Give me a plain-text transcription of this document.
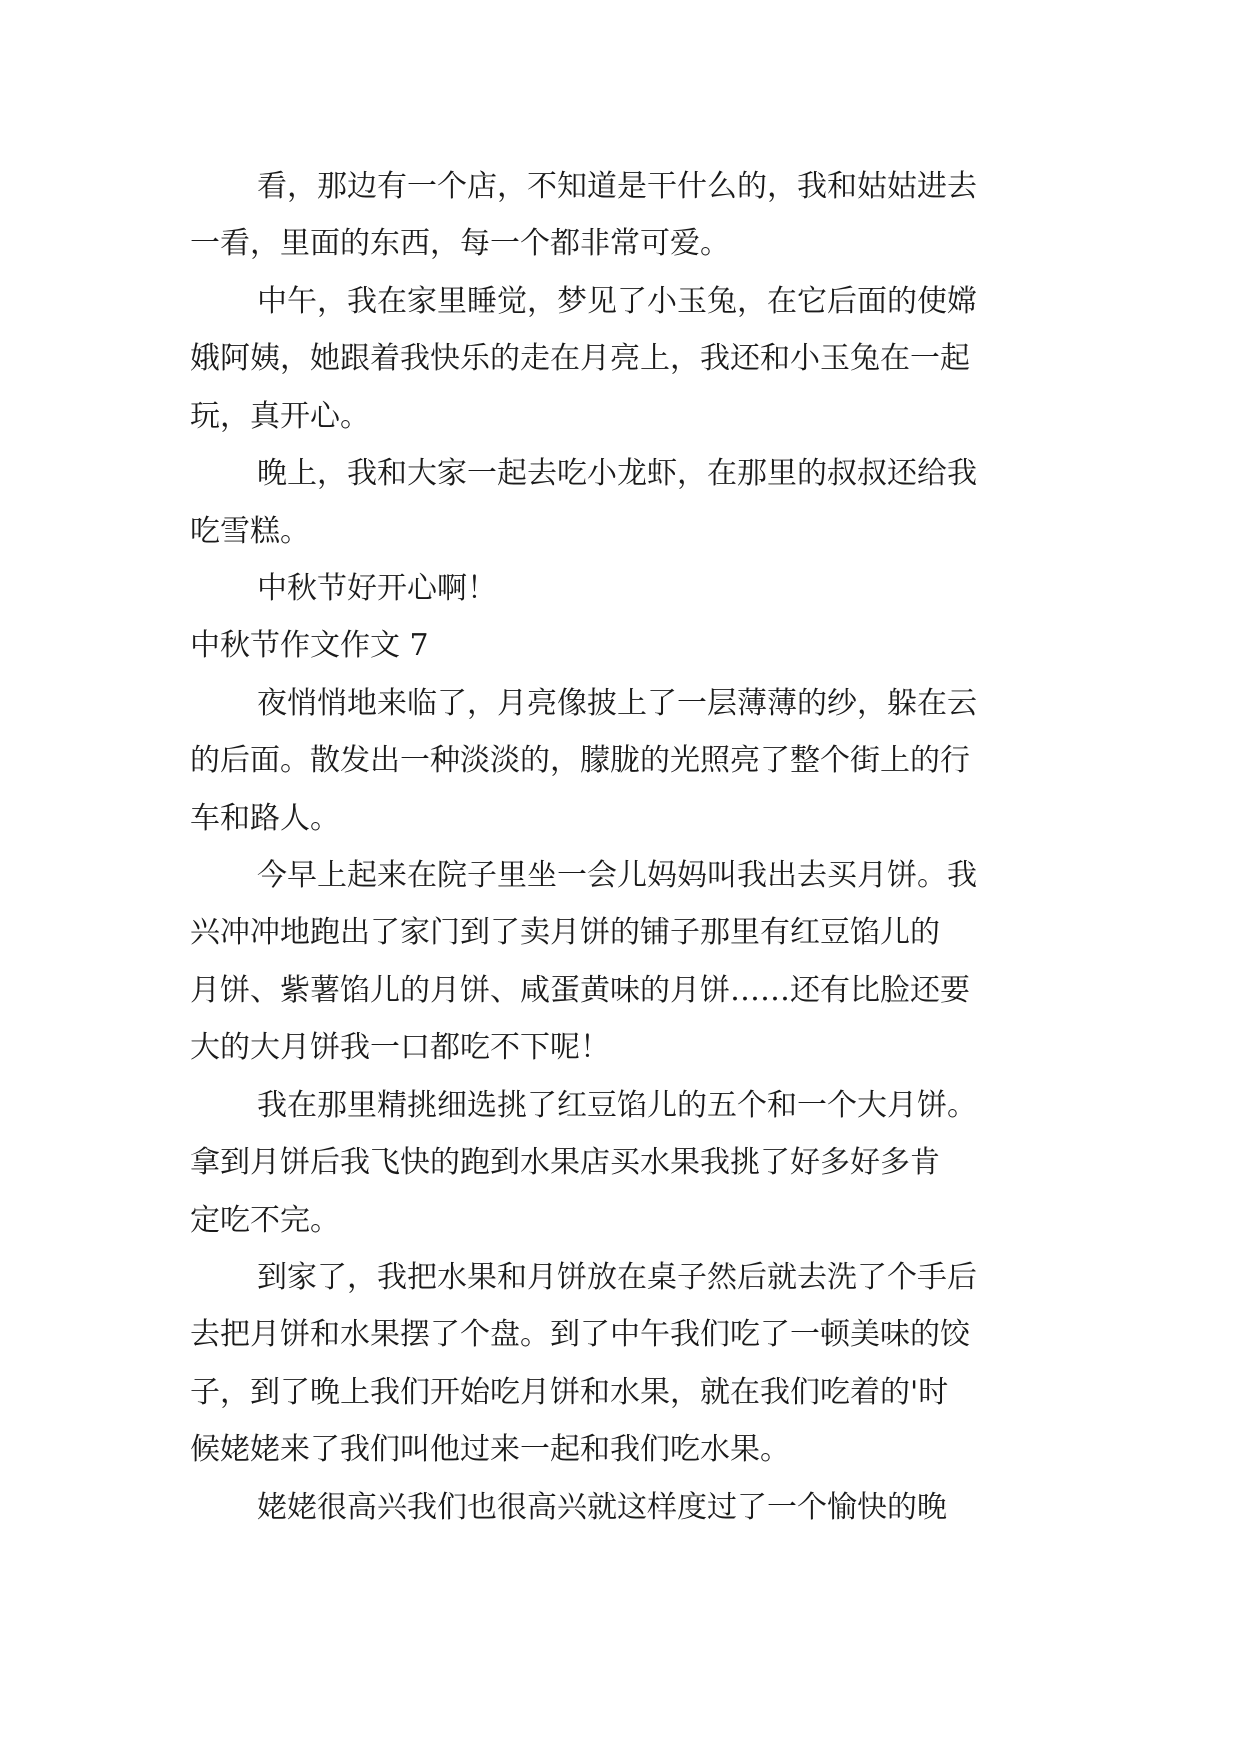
看，那边有一个店，不知道是干什么的，我和姑姑进去
一看，里面的东西，每一个都非常可爱。
中午，我在家里睡觉，梦见了小玉兔，在它后面的使嫦
娥阿姨，她跟着我快乐的走在月亮上，我还和小玉兔在一起
玩，真开心。
晚上，我和大家一起去吃小龙虾，在那里的叔叔还给我
吃雪糕。
中秋节好开心啊！
中秋节作文作文 7
夜悄悄地来临了，月亮像披上了一层薄薄的纱，躲在云
的后面。散发出一种淡淡的，朦胧的光照亮了整个街上的行
车和路人。
今早上起来在院子里坐一会儿妈妈叫我出去买月饼。我
兴冲冲地跑出了家门到了卖月饼的铺子那里有红豆馅儿的
月饼、紫薯馅儿的月饼、咸蛋黄味的月饼……还有比脸还要
大的大月饼我一口都吃不下呢！
我在那里精挑细选挑了红豆馅儿的五个和一个大月饼。
拿到月饼后我飞快的跑到水果店买水果我挑了好多好多肯
定吃不完。
到家了，我把水果和月饼放在桌子然后就去洗了个手后
去把月饼和水果摆了个盘。到了中午我们吃了一顿美味的饺
子，到了晚上我们开始吃月饼和水果，就在我们吃着的'时
候姥姥来了我们叫他过来一起和我们吃水果。
姥姥很高兴我们也很高兴就这样度过了一个愉快的晚
